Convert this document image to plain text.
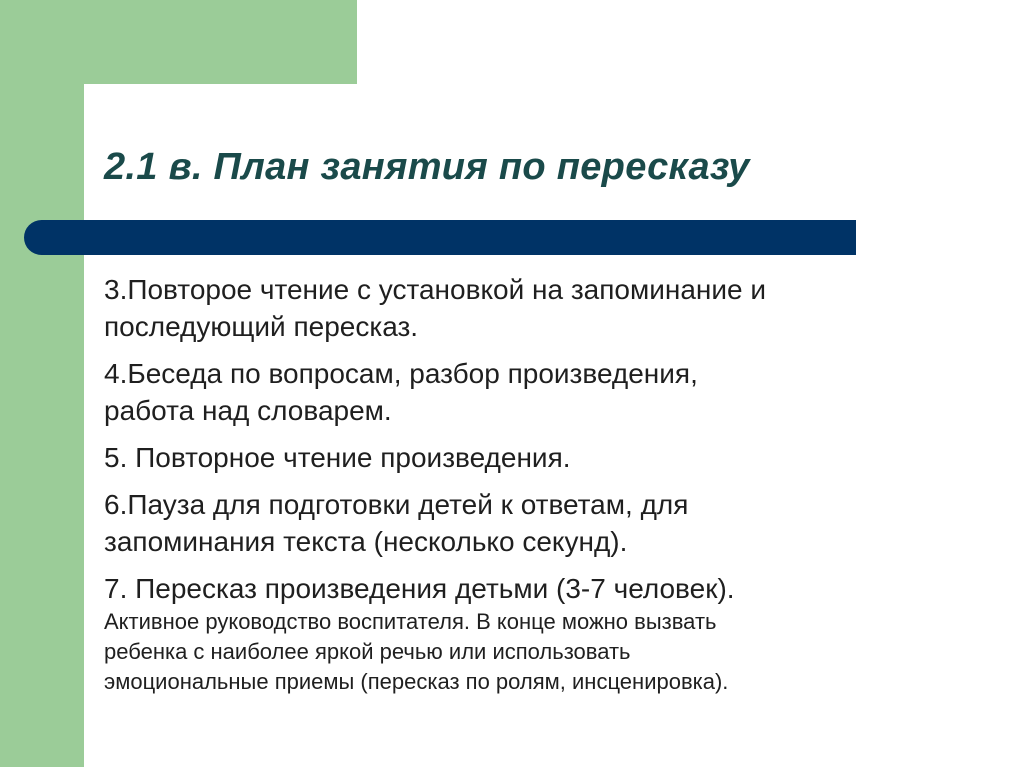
2.1 в. План занятия по пересказу
3.Повторое чтение с установкой на запоминание и
последующий пересказ.
4.Беседа по вопросам, разбор произведения,
работа над словарем.
5. Повторное чтение произведения.
6.Пауза для подготовки детей к ответам, для
запоминания текста (несколько секунд).
7. Пересказ произведения детьми (3-7 человек).
Активное руководство воспитателя. В конце можно вызвать
ребенка с наиболее яркой речью или использовать
эмоциональные приемы (пересказ по ролям, инсценировка).
